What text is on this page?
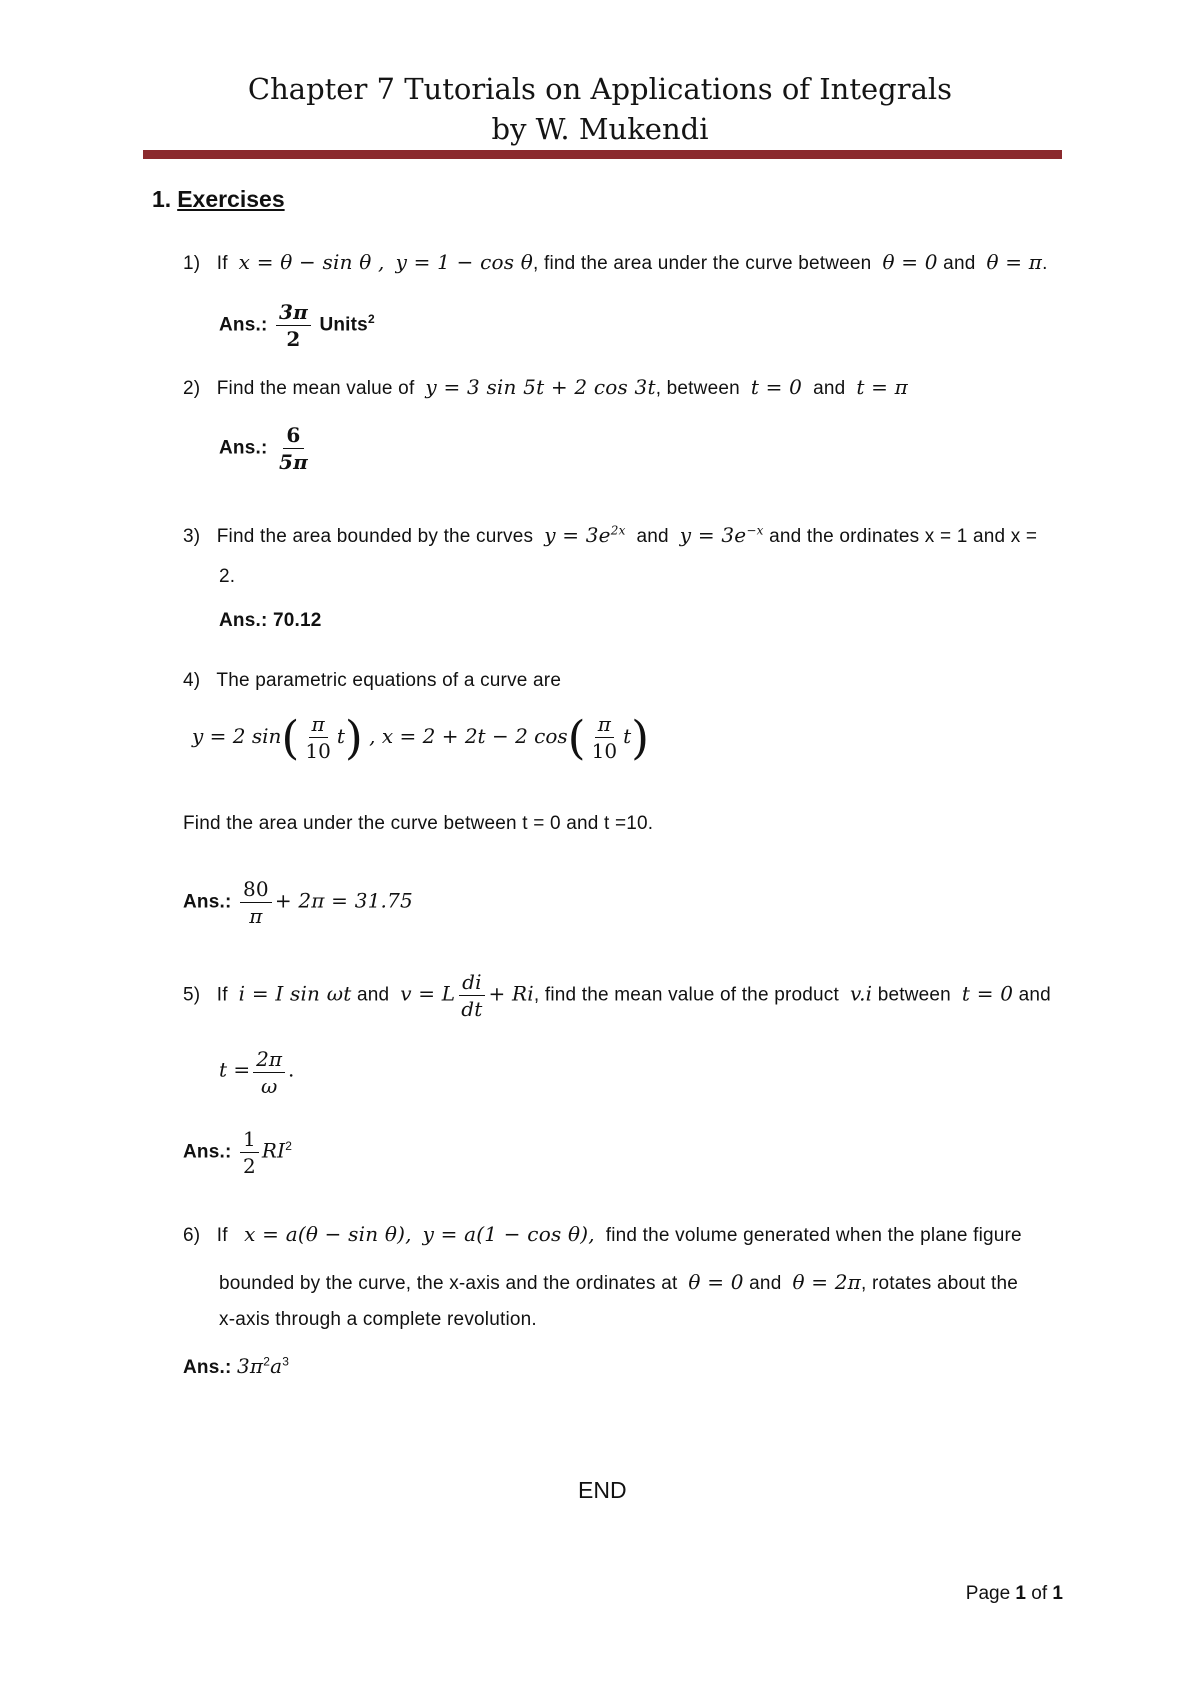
Chapter 7 Tutorials on Applications of Integrals
by W. Mukendi
1. Exercises
1) If x = θ − sin θ , y = 1 − cos θ, find the area under the curve between θ = 0 and θ = π.
Ans.: $\frac{3\pi}{2}$ Units$^2$
2) Find the mean value of y = 3 sin 5t + 2 cos 3t, between t = 0 and t = π
Ans.: $\frac{6}{5\pi}$
3) Find the area bounded by the curves $y = 3e^{2x}$ and $y = 3e^{-x}$ and the ordinates x = 1 and x =
2.
Ans.: 70.12
4) The parametric equations of a curve are
y = 2 $\sin( \frac{\pi}{10} t)$ , x = 2 + 2t − 2 $\cos( \frac{\pi}{10} t)$
Find the area under the curve between t = 0 and t =10.
Ans.: $\frac{80}{\pi} + 2\pi = 31.75$
5) If i = I sin ωt and v = L $\frac{di}{dt} + Ri$, find the mean value of the product v.i between t = 0 and
$t = \frac{2\pi}{\omega}$ .
Ans.: $\frac{1}{2} RI^2$
6) If x = a(θ − sin θ), y = a(1 − cos θ), find the volume generated when the plane figure
bounded by the curve, the x-axis and the ordinates at θ = 0 and θ = 2π, rotates about the
x-axis through a complete revolution.
Ans.: $3\pi^2a^3$
END
Page 1 of 1
